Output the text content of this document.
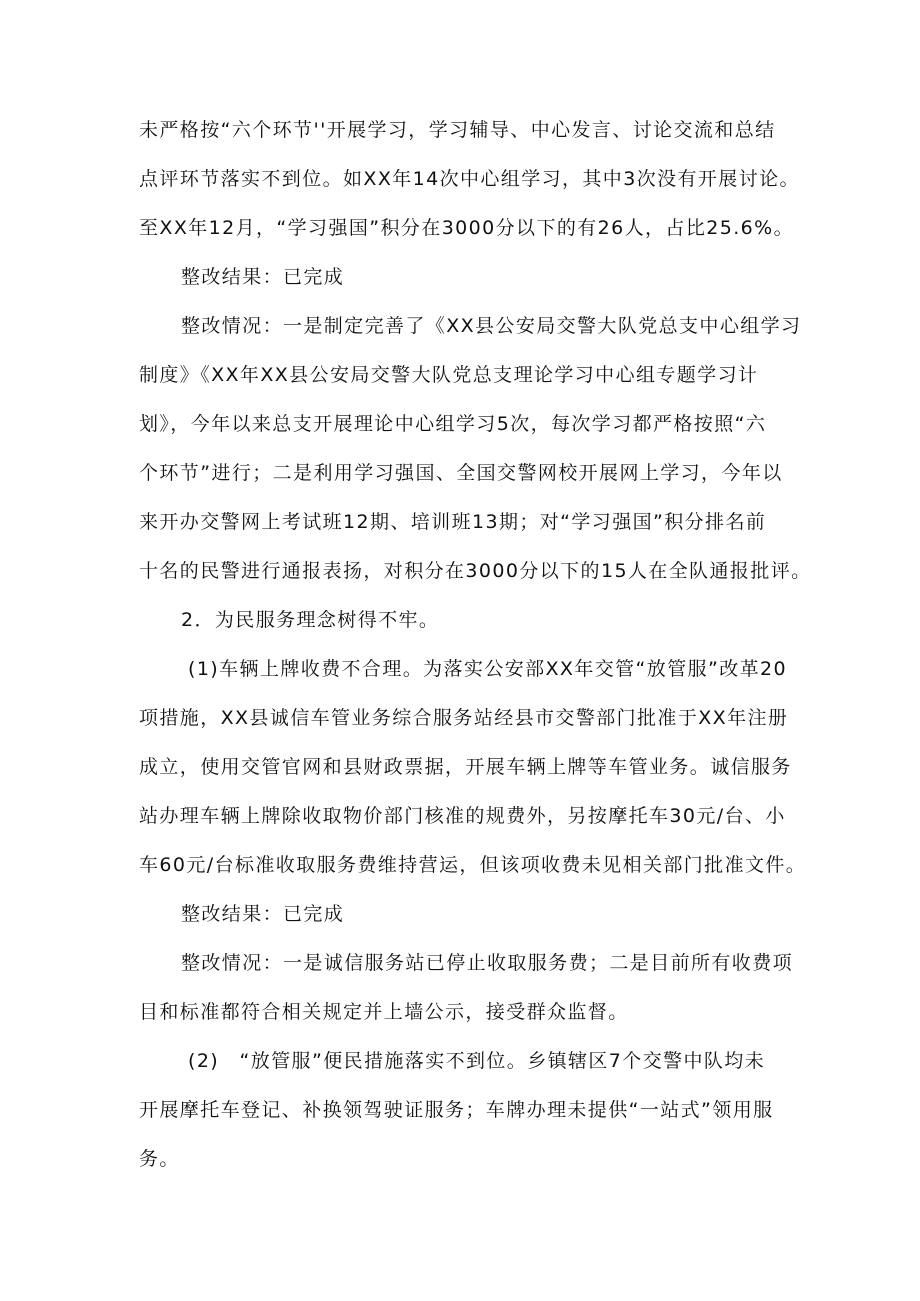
未严格按“六个环节''开展学习，学习辅导、中心发言、讨论交流和总结
点评环节落实不到位。如XX年14次中心组学习，其中3次没有开展讨论。
至XX年12月，“学习强国”积分在3000分以下的有26人，占比25.6%。
整改结果：已完成
整改情况：一是制定完善了《XX县公安局交警大队党总支中心组学习
制度》《XX年XX县公安局交警大队党总支理论学习中心组专题学习计
划》，今年以来总支开展理论中心组学习5次，每次学习都严格按照“六
个环节”进行；二是利用学习强国、全国交警网校开展网上学习，今年以
来开办交警网上考试班12期、培训班13期；对“学习强国”积分排名前
十名的民警进行通报表扬，对积分在3000分以下的15人在全队通报批评。
2．为民服务理念树得不牢。
(1)车辆上牌收费不合理。为落实公安部XX年交管“放管服”改革20
项措施，XX县诚信车管业务综合服务站经县市交警部门批准于XX年注册
成立，使用交管官网和县财政票据，开展车辆上牌等车管业务。诚信服务
站办理车辆上牌除收取物价部门核准的规费外，另按摩托车30元/台、小
车60元/台标准收取服务费维持营运，但该项收费未见相关部门批准文件。
整改结果：已完成
整改情况：一是诚信服务站已停止收取服务费；二是目前所有收费项
目和标准都符合相关规定并上墙公示，接受群众监督。
(2)　“放管服”便民措施落实不到位。乡镇辖区7个交警中队均未
开展摩托车登记、补换领驾驶证服务；车牌办理未提供“一站式”领用服
务。
